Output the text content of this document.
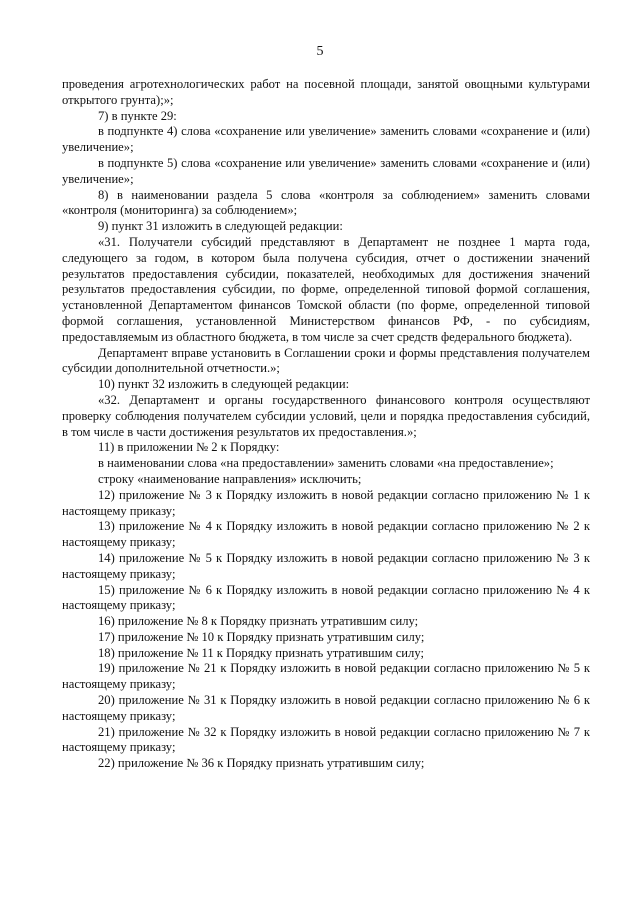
5

проведения агротехнологических работ на посевной площади, занятой овощными культурами открытого грунта);»;

7) в пункте 29:

в подпункте 4) слова «сохранение или увеличение» заменить словами «сохранение и (или) увеличение»;

в подпункте 5) слова «сохранение или увеличение» заменить словами «сохранение и (или) увеличение»;

8) в наименовании раздела 5 слова «контроля за соблюдением» заменить словами «контроля (мониторинга) за соблюдением»;

9) пункт 31 изложить в следующей редакции:

«31. Получатели субсидий представляют в Департамент не позднее 1 марта года, следующего за годом, в котором была получена субсидия, отчет о достижении значений результатов предоставления субсидии, показателей, необходимых для достижения значений результатов предоставления субсидии, по форме, определенной типовой формой соглашения, установленной Департаментом финансов Томской области (по форме, определенной типовой формой соглашения, установленной Министерством финансов РФ, - по субсидиям, предоставляемым из областного бюджета, в том числе за счет средств федерального бюджета).

Департамент вправе установить в Соглашении сроки и формы представления получателем субсидии дополнительной отчетности.»;

10) пункт 32 изложить в следующей редакции:

«32. Департамент и органы государственного финансового контроля осуществляют проверку соблюдения получателем субсидии условий, цели и порядка предоставления субсидий, в том числе в части достижения результатов их предоставления.»;

11) в приложении № 2 к Порядку:

в наименовании слова «на предоставлении» заменить словами «на предоставление»;

строку «наименование направления» исключить;

12) приложение № 3 к Порядку изложить в новой редакции согласно приложению № 1 к настоящему приказу;

13) приложение № 4 к Порядку изложить в новой редакции согласно приложению № 2 к настоящему приказу;

14) приложение № 5 к Порядку изложить в новой редакции согласно приложению № 3 к настоящему приказу;

15) приложение № 6 к Порядку изложить в новой редакции согласно приложению № 4 к настоящему приказу;

16) приложение № 8 к Порядку признать утратившим силу;

17) приложение № 10 к Порядку признать утратившим силу;

18) приложение № 11 к Порядку признать утратившим силу;

19) приложение № 21 к Порядку изложить в новой редакции согласно приложению № 5 к настоящему приказу;

20) приложение № 31 к Порядку изложить в новой редакции согласно приложению № 6 к настоящему приказу;

21) приложение № 32 к Порядку изложить в новой редакции согласно приложению № 7 к настоящему приказу;

22) приложение № 36 к Порядку признать утратившим силу;
